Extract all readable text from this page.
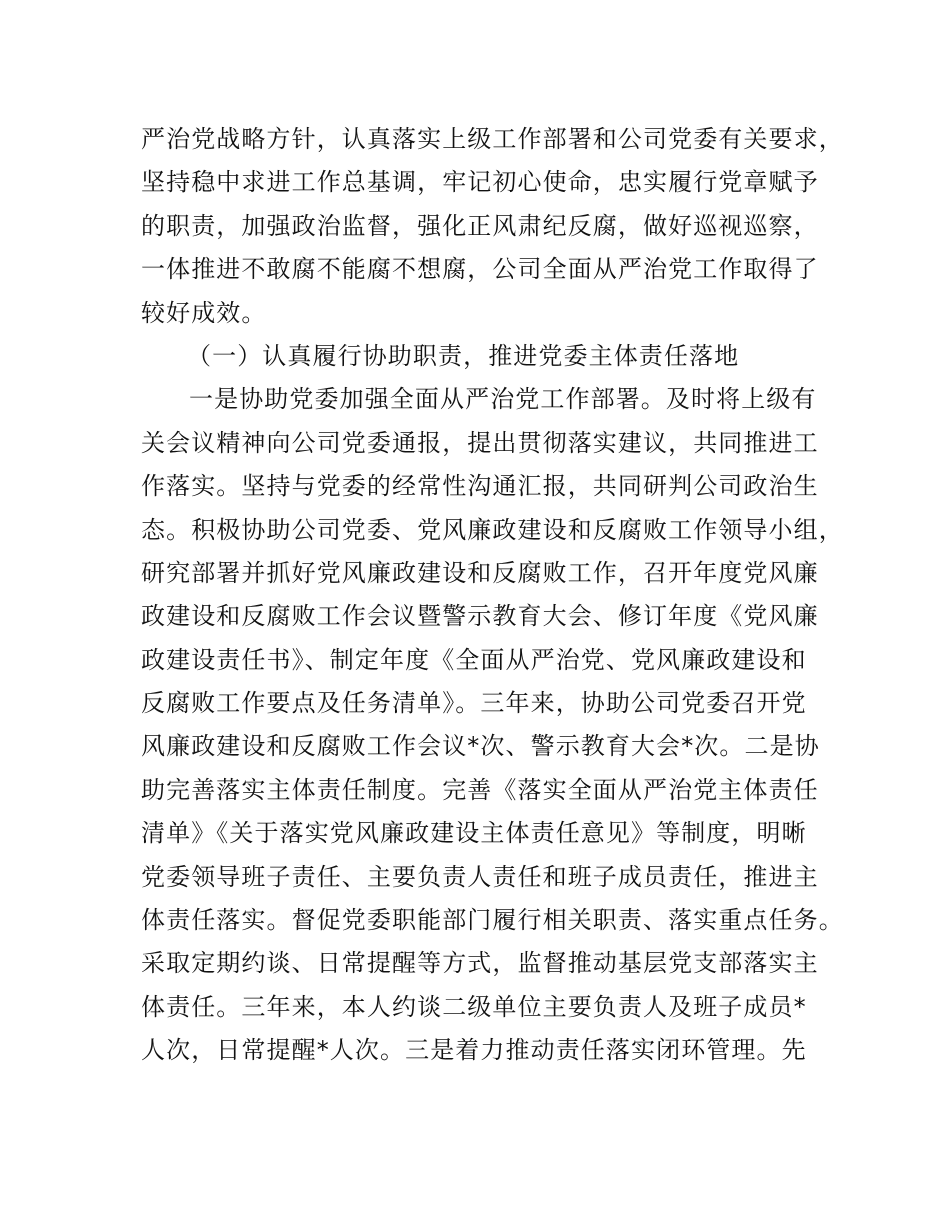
严治党战略方针，认真落实上级工作部署和公司党委有关要求，
坚持稳中求进工作总基调，牢记初心使命，忠实履行党章赋予
的职责，加强政治监督，强化正风肃纪反腐，做好巡视巡察，
一体推进不敢腐不能腐不想腐，公司全面从严治党工作取得了
较好成效。
（一）认真履行协助职责，推进党委主体责任落地
一是协助党委加强全面从严治党工作部署。及时将上级有
关会议精神向公司党委通报，提出贯彻落实建议，共同推进工
作落实。坚持与党委的经常性沟通汇报，共同研判公司政治生
态。积极协助公司党委、党风廉政建设和反腐败工作领导小组，
研究部署并抓好党风廉政建设和反腐败工作，召开年度党风廉
政建设和反腐败工作会议暨警示教育大会、修订年度《党风廉
政建设责任书》、制定年度《全面从严治党、党风廉政建设和
反腐败工作要点及任务清单》。三年来，协助公司党委召开党
风廉政建设和反腐败工作会议*次、警示教育大会*次。二是协
助完善落实主体责任制度。完善《落实全面从严治党主体责任
清单》《关于落实党风廉政建设主体责任意见》等制度，明晰
党委领导班子责任、主要负责人责任和班子成员责任，推进主
体责任落实。督促党委职能部门履行相关职责、落实重点任务。
采取定期约谈、日常提醒等方式，监督推动基层党支部落实主
体责任。三年来，本人约谈二级单位主要负责人及班子成员*
人次，日常提醒*人次。三是着力推动责任落实闭环管理。先
